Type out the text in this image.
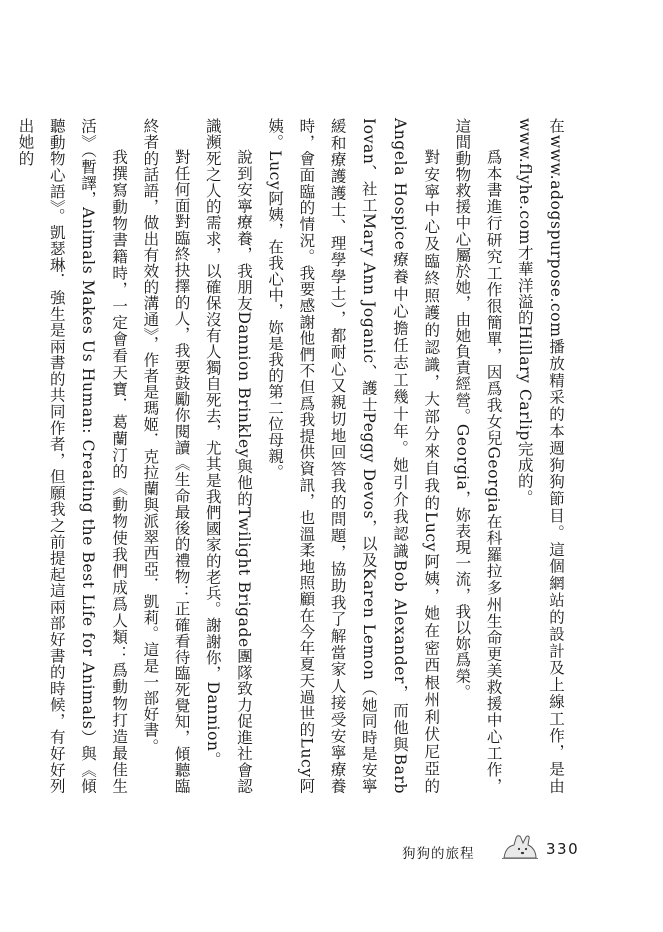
在www.adogspurpose.com播放精采的本週狗狗節目。這個網站的設計及上線工作，是由www.flyhe.com才華洋溢的Hillary Carlip完成的。

爲本書進行研究工作很簡單，因爲我女兒Georgia在科羅拉多州生命更美救援中心工作，這間動物救援中心屬於她，由她負責經營。Georgia，妳表現一流，我以妳爲榮。

對安寧中心及臨終照護的認識，大部分來自我的Lucy阿姨，她在密西根州利伏尼亞的Angela Hospice療養中心擔任志工幾十年。她引介我認識Bob Alexander，而他與Barb Iovan、社工Mary Ann Joganic、護士Peggy Devos，以及Karen Lemon（她同時是安寧緩和療護護士、理學學士），都耐心又親切地回答我的問題，協助我了解當家人接受安寧療養時，會面臨的情況。我要感謝他們不但爲我提供資訊，也溫柔地照顧在今年夏天過世的Lucy阿姨。Lucy阿姨，在我心中，妳是我的第二位母親。

說到安寧療養，我朋友Dannion Brinkley與他的Twilight Brigade團隊致力促進社會認識瀕死之人的需求，以確保沒有人獨自死去，尤其是我們國家的老兵。謝謝你，Dannion。

對任何面對臨終抉擇的人，我要鼓勵你閱讀《生命最後的禮物：正確看待臨死覺知，傾聽臨終者的話語，做出有效的溝通》，作者是瑪姬．克拉蘭與派翠西亞．凱莉。這是一部好書。

我撰寫動物書籍時，一定會看天寶．葛蘭汀的《動物使我們成爲人類：爲動物打造最佳生活》（暫譯，Animals Makes Us Human: Creating the Best Life for Animals）與《傾聽動物心語》。凱瑟琳．強生是兩書的共同作者，但願我之前提起這兩部好書的時候，有好好列出她的

狗狗的旅程	330
